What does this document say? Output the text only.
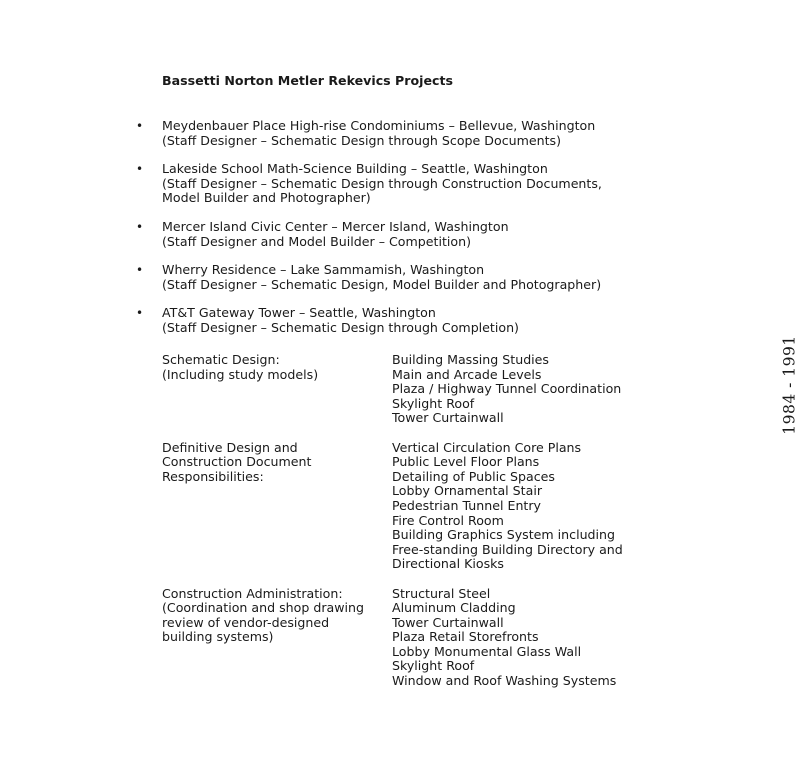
Bassetti Norton Metler Rekevics Projects
• Meydenbauer Place High-rise Condominiums – Bellevue, Washington
(Staff Designer – Schematic Design through Scope Documents)
• Lakeside School Math-Science Building – Seattle, Washington
(Staff Designer – Schematic Design through Construction Documents,
Model Builder and Photographer)
• Mercer Island Civic Center – Mercer Island, Washington
(Staff Designer and Model Builder – Competition)
• Wherry Residence – Lake Sammamish, Washington
(Staff Designer – Schematic Design, Model Builder and Photographer)
• AT&T Gateway Tower – Seattle, Washington
(Staff Designer – Schematic Design through Completion)
Schematic Design:
(Including study models)
Building Massing Studies
Main and Arcade Levels
Plaza / Highway Tunnel Coordination
Skylight Roof
Tower Curtainwall
Definitive Design and
Construction Document
Responsibilities:
Vertical Circulation Core Plans
Public Level Floor Plans
Detailing of Public Spaces
Lobby Ornamental Stair
Pedestrian Tunnel Entry
Fire Control Room
Building Graphics System including
Free-standing Building Directory and
Directional Kiosks
Construction Administration:
(Coordination and shop drawing
review of vendor-designed
building systems)
Structural Steel
Aluminum Cladding
Tower Curtainwall
Plaza Retail Storefronts
Lobby Monumental Glass Wall
Skylight Roof
Window and Roof Washing Systems
1984 - 1991
